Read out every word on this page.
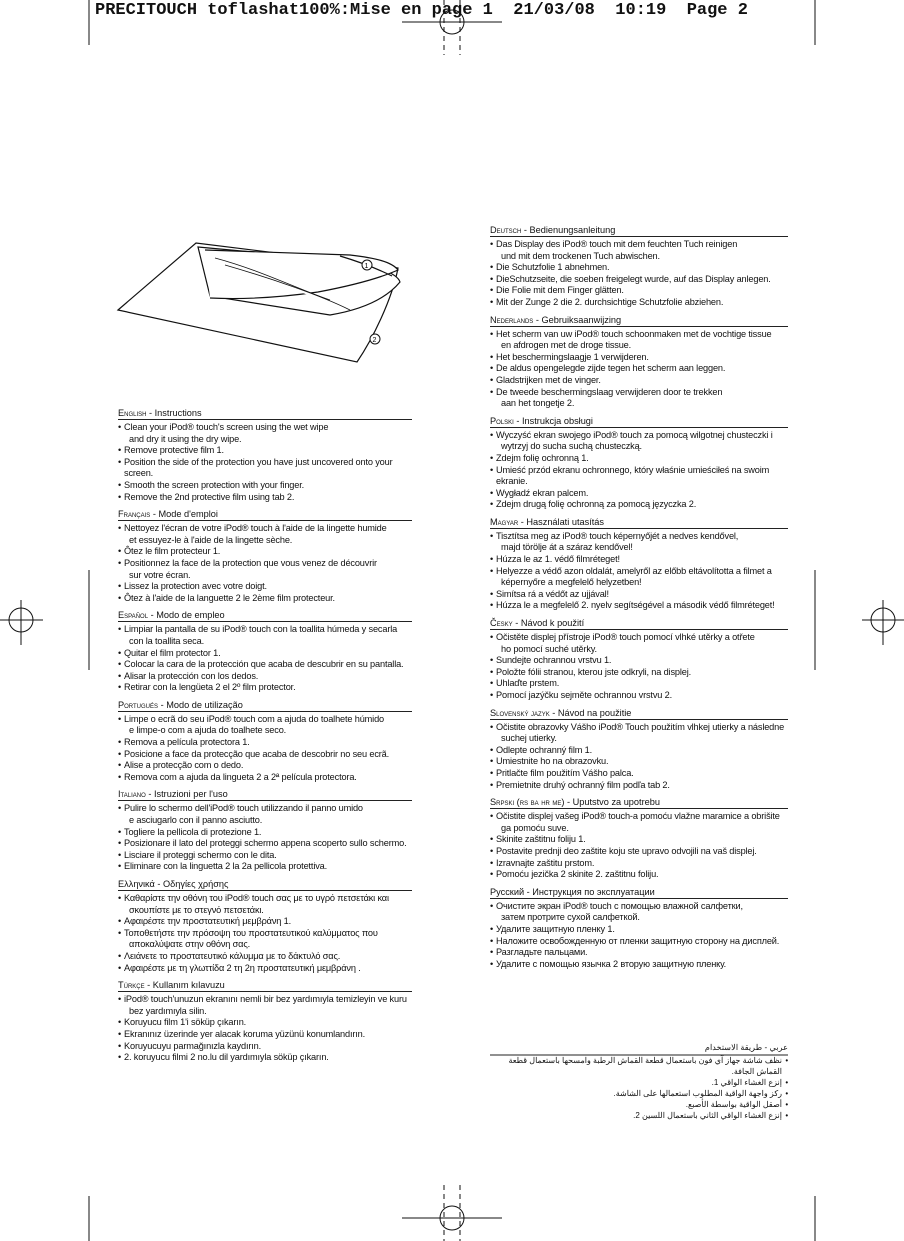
PRECITOUCH toflashat100%:Mise en page 1  21/03/08  10:19  Page 2
1
2
English - Instructions
• Clean your iPod® touch's screen using the wet wipe
and dry it using the dry wipe.
• Remove protective film 1.
• Position the side of the protection you have just uncovered onto your screen.
• Smooth the screen protection with your finger.
• Remove the 2nd protective film using tab 2.
Français - Mode d'emploi
• Nettoyez l'écran de votre iPod® touch à l'aide de la lingette humide
et essuyez-le à l'aide de la lingette sèche.
• Ôtez le film protecteur 1.
• Positionnez la face de la protection que vous venez de découvrir
sur votre écran.
• Lissez la protection avec votre doigt.
• Ôtez à l'aide de la languette 2 le 2ème film protecteur.
Español - Modo de empleo
• Limpiar la pantalla de su iPod® touch con la toallita húmeda y secarla
con la toallita seca.
• Quitar el film protector 1.
• Colocar la cara de la protección que acaba de descubrir en su pantalla.
• Alisar la protección con los dedos.
• Retirar con la lengüeta 2 el 2º film protector.
Portugués - Modo de utilização
• Limpe o ecrã do seu iPod® touch com a ajuda do toalhete húmido
e limpe-o com a ajuda do toalhete seco.
• Remova a película protectora 1.
• Posicione a face da protecção que acaba de descobrir no seu ecrã.
• Alise a protecção com o dedo.
• Remova com a ajuda da lingueta 2 a 2ª película protectora.
Italiano - Istruzioni per l'uso
• Pulire lo schermo dell'iPod® touch utilizzando il panno umido
e asciugarlo con il panno asciutto.
• Togliere la pellicola di protezione 1.
• Posizionare il lato del proteggi schermo appena scoperto sullo schermo.
• Lisciare il proteggi schermo con le dita.
• Eliminare con la linguetta 2 la 2a pellicola protettiva.
Ελληνικά - Οδηγίες χρήσης
• Καθαρίστε την οθόνη του iPod® touch σας με το υγρό πετσετάκι και
σκουπίστε με το στεγνό πετσετάκι.
• Αφαιρέστε την προστατευτική μεμβράνη 1.
• Τοποθετήστε την πρόσοψη του προστατευτικού καλύμματος που
αποκαλύψατε στην οθόνη σας.
• Λειάνετε το προστατευτικό κάλυμμα με το δάκτυλό σας.
• Αφαιρέστε με τη γλωττίδα 2 τη 2η προστατευτική μεμβράνη .
Türkçe - Kullanım kılavuzu
• iPod® touch'unuzun ekranını nemli bir bez yardımıyla temizleyin ve kuru
bez yardımıyla silin.
• Koruyucu film 1'i söküp çıkarın.
• Ekranınız üzerinde yer alacak koruma yüzünü konumlandırın.
• Koruyucuyu parmağınızla kaydırın.
• 2. koruyucu filmi 2 no.lu dil yardımıyla söküp çıkarın.
Deutsch - Bedienungsanleitung
• Das Display des iPod® touch mit dem feuchten Tuch reinigen
und mit dem trockenen Tuch abwischen.
• Die Schutzfolie 1 abnehmen.
• DieSchutzseite, die soeben freigelegt wurde, auf das Display anlegen.
• Die Folie mit dem Finger glätten.
• Mit der Zunge 2 die 2. durchsichtige Schutzfolie abziehen.
Nederlands - Gebruiksaanwijzing
• Het scherm van uw iPod® touch schoonmaken met de vochtige tissue
en afdrogen met de droge tissue.
• Het beschermingslaagje 1 verwijderen.
• De aldus opengelegde zijde tegen het scherm aan leggen.
• Gladstrijken met de vinger.
• De tweede beschermingslaag verwijderen door te trekken
aan het tongetje 2.
Polski - Instrukcja obsługi
• Wyczyść ekran swojego iPod® touch za pomocą wilgotnej chusteczki i
wytrzyj do sucha suchą chusteczką.
• Zdejm folię ochronną 1.
• Umieść przód ekranu ochronnego, który właśnie umieściłeś na swoim ekranie.
• Wygładź ekran palcem.
• Zdejm drugą folię ochronną za pomocą języczka 2.
Magyar - Használati utasítás
• Tisztítsa meg az iPod® touch képernyőjét a nedves kendővel,
majd törölje át a száraz kendővel!
• Húzza le az 1. védő filmréteget!
• Helyezze a védő azon oldalát, amelyről az előbb eltávolította a filmet a
képernyőre a megfelelő helyzetben!
• Simítsa rá a védőt az ujjával!
• Húzza le a megfelelő 2. nyelv segítségével a második védő filmréteget!
Česky - Návod k použití
• Očistěte displej přístroje iPod® touch pomocí vlhké utěrky a otřete
ho pomocí suché utěrky.
• Sundejte ochrannou vrstvu 1.
• Položte fólii stranou, kterou jste odkryli, na displej.
• Uhlaďte prstem.
• Pomocí jazýčku sejměte ochrannou vrstvu 2.
Slovenský jazyk - Návod na použitie
• Očistite obrazovky Vášho iPod® Touch použitím vlhkej utierky a následne
suchej utierky.
• Odlepte ochranný film 1.
• Umiestnite ho na obrazovku.
• Pritlačte film použitím Vášho palca.
• Premietnite druhý ochranný film podľa tab 2.
Srpski (rs ba hr me) - Uputstvo za upotrebu
• Očistite displej vašeg iPod® touch-a pomoću vlažne maramice a obrišite
ga pomoću suve.
• Skinite zaštitnu foliju 1.
• Postavite prednji deo zaštite koju ste upravo odvojili na vaš displej.
• Izravnajte zaštitu prstom.
• Pomoću jezička 2 skinite 2. zaštitnu foliju.
Русский - Инструкция по эксплуатации
• Очистите экран iPod® touch с помощью влажной салфетки,
затем протрите сухой салфеткой.
• Удалите защитную пленку 1.
• Наложите освобожденную от пленки защитную сторону на дисплей.
• Разгладьте пальцами.
• Удалите с помощью язычка 2 вторую защитную пленку.
عربي - طريقة الاستخدام
• نظف شاشة جهاز آي فون باستعمال قطعة القماش الرطبة وامسحها باستعمال قطعة القماش الجافة.
• إنزع الغشاء الواقي 1.
• ركز واجهة الواقية المطلوب استعمالها على الشاشة.
• أصقل الواقية بواسطة الأصبع.
• إنزع الغشاء الواقي الثاني باستعمال اللسين 2.
